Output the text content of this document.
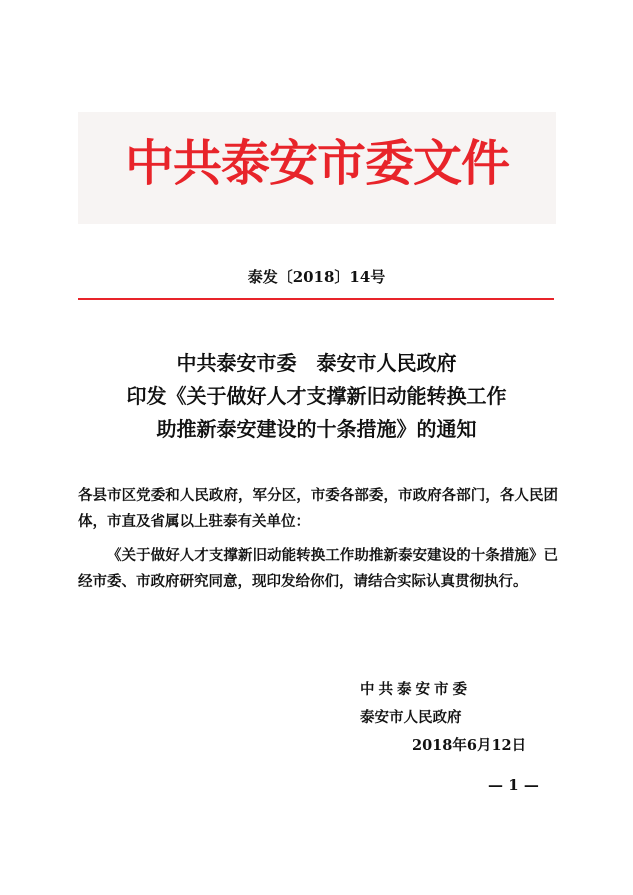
中共泰安市委文件
泰发〔2018〕14号
中共泰安市委　泰安市人民政府
印发《关于做好人才支撑新旧动能转换工作
助推新泰安建设的十条措施》的通知
各县市区党委和人民政府，军分区，市委各部委，市政府各部门，各人民团体，市直及省属以上驻泰有关单位：
《关于做好人才支撑新旧动能转换工作助推新泰安建设的十条措施》已经市委、市政府研究同意，现印发给你们，请结合实际认真贯彻执行。
中共泰安市委
泰安市人民政府
2018年6月12日
— 1 —
